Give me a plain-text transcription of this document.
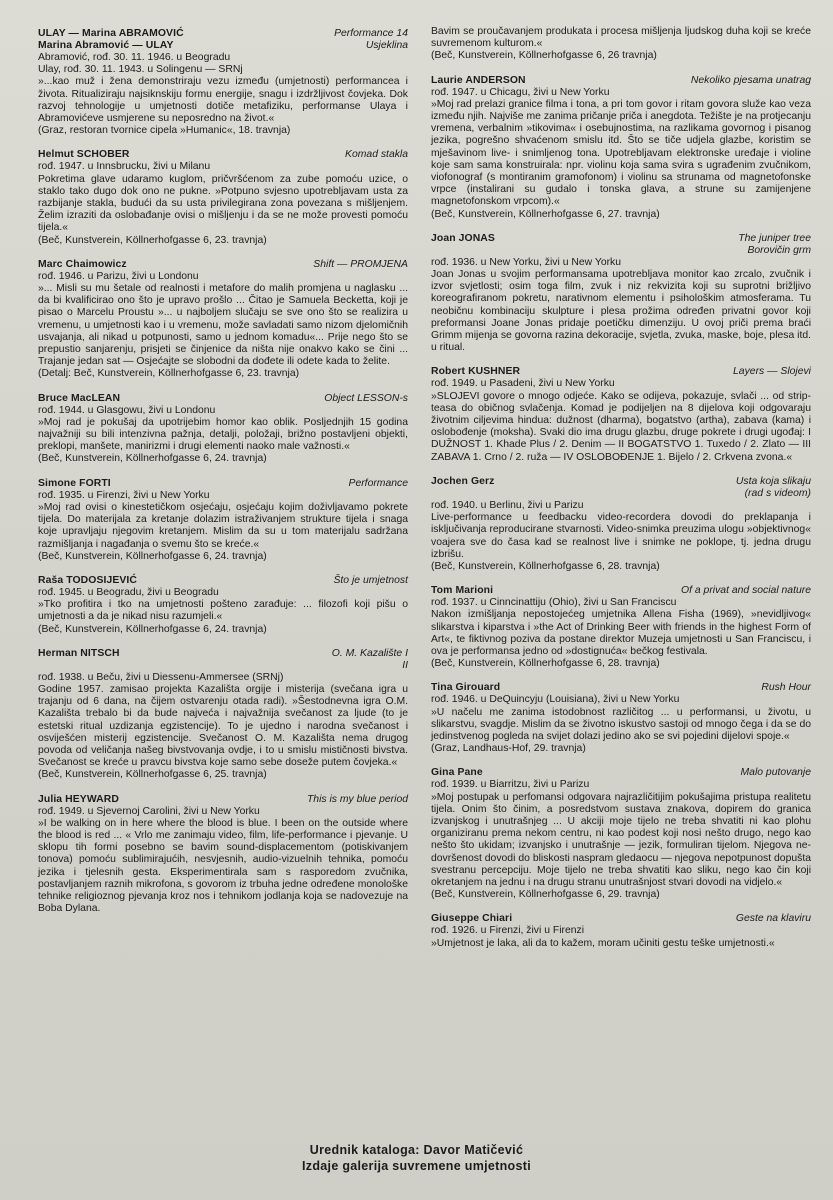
ULAY — Marina ABRAMOVIĆ	Performance 14
Marina Abramović — ULAY	Usjeklina
Abramović, rođ. 30. 11. 1946. u Beogradu
Ulay, rođ. 30. 11. 1943. u Solingenu — SRNj

»...kao muž i žena demonstriraju vezu između (umjetnosti) performancea i života. Ritualiziraju najsiknskiju formu energije, snagu i izdržljivost čovjeka. Dok razvoj tehnologije u umjetnosti dotiče metafiziku, performanse Ulaya i Abramovićeve usmjerene su neposredno na život.«

(Graz, restoran tvornice cipela »Humanic«, 18. travnja)

Helmut SCHOBER	Komad stakla
rođ. 1947. u Innsbrucku, živi u Milanu

Pokretima glave udaramo kuglom, pričvršćenom za zube pomoću uzice, o staklo tako dugo dok ono ne pukne. »Potpuno svjesno upotrebljavam usta za razbijanje stakla, budući da su usta privilegirana zona povezana s mišljenjem. Želim izraziti da oslobađanje ovisi o mišljenju i da se ne može provesti pomoću tijela.«

(Beč, Kunstverein, Köllnerhofgasse 6, 23. travnja)

Marc Chaimowicz	Shift — PROMJENA
rođ. 1946. u Parizu, živi u Londonu

»... Misli su mu šetale od realnosti i metafore do malih promjena u naglasku ... da bi kvalificirao ono što je upravo prošlo ... Čitao je Samuela Becketta, koji je pisao o Marcelu Proustu »... u najboljem slučaju se sve ono što se realizira u vremenu, u umjetnosti kao i u vremenu, može savladati samo nizom djelomičnih usvajanja, ali nikad u potpunosti, samo u jednom komadu«... Prije nego što se prepustio sanjarenju, prisjeti se činjenice da ništa nije onakvo kako se čini ... Trajanje jedan sat — Osjećajte se slobodni da dođete ili odete kada to želite.

(Detalj: Beč, Kunstverein, Köllnerhofgasse 6, 23. travnja)

Bruce MacLEAN	Object LESSON-s
rođ. 1944. u Glasgowu, živi u Londonu

»Moj rad je pokušaj da upotrijebim homor kao oblik. Posljednjih 15 godina najvažniji su bili intenzivna pažnja, detalji, položaji, brižno postavljeni objekti, preklopi, manšete, manirizmi i drugi elementi naoko male važnosti.«

(Beč, Kunstverein, Köllnerhofgasse 6, 24. travnja)

Simone FORTI	Performance
rođ. 1935. u Firenzi, živi u New Yorku

»Moj rad ovisi o kinestetičkom osjećaju, osjećaju kojim doživljavamo pokrete tijela. Do materijala za kretanje dolazim istraživanjem strukture tijela i snaga koje upravljaju njegovim kretanjem. Mislim da su u tom materijalu sadržana razmišljanja i nagađanja o svemu što se kreće.«

(Beč, Kunstverein, Köllnerhofgasse 6, 24. travnja)

Raša TODOSIJEVIĆ	Što je umjetnost
rođ. 1945. u Beogradu, živi u Beogradu

»Tko profitira i tko na umjetnosti pošteno zarađuje: ... filozofi koji pišu o umjetnosti a da je nikad nisu razumjeli.«

(Beč, Kunstverein, Köllnerhofgasse 6, 24. travnja)

Herman NITSCH	O. M. Kazalište I
II
rođ. 1938. u Beču, živi u Diessenu-Ammersee (SRNj)

Godine 1957. zamisao projekta Kazališta orgije i misterija (svečana igra u trajanju od 6 dana, na čijem ostvarenju otada radi). »Šestodnevna igra O.M. Kazališta trebalo bi da bude najveća i najvažnija svečanost za ljude (to je estetski ritual uzdizanja egzistencije). To je ujedno i narodna svečanost i osviješćen misterij egzistencije. Svečanost O. M. Kazališta nema drugog povoda od veličanja našeg bivstvovanja ovdje, i to u smislu mističnosti bivstva. Svečanost se kreće u pravcu bivstva koje samo sebe doseže putem čovjeka.«

(Beč, Kunstverein, Köllnerhofgasse 6, 25. travnja)

Julia HEYWARD	This is my blue period
rođ. 1949. u Sjevernoj Carolini, živi u New Yorku

»I be walking on in here where the blood is blue. I been on the outside where the blood is red ... « Vrlo me zanimaju video, film, life-performance i pjevanje. U sklopu tih formi posebno se bavim sound-displacementom (potiskivanjem tonova) pomoću sublimirajućih, nesvjesnih, audio-vizuelnih tehnika, pomoću jezika i tjelesnih gesta. Eksperimentirala sam s rasporedom zvučnika, postavljanjem raznih mikrofona, s govorom iz trbuha jedne određene monološke tehnike religioznog pjevanja kroz nos i tehnikom jodlanja koja se nadovezuje na Boba Dylana.

Bavim se proučavanjem produkata i procesa mišljenja ljudskog duha koji se kreće suvremenom kulturom.«

(Beč, Kunstverein, Köllnerhofgasse 6, 26 travnja)

Laurie ANDERSON	Nekoliko pjesama unatrag
rođ. 1947. u Chicagu, živi u New Yorku

»Moj rad prelazi granice filma i tona, a pri tom govor i ritam govora služe kao veza između njih. Najviše me zanima pričanje priča i anegdota. Težište je na protjecanju vremena, verbalnim »tikovima« i osebujnostima, na razlikama govornog i pisanog jezika, pogrešno shvaćenom smislu itd. Što se tiče udjela glazbe, koristim se mješavinom live- i snimljenog tona. Upotrebljavam elektronske uređaje i violine koje sam sama konstruirala: npr. violinu koja sama svira s ugrađenim zvučnikom, viofonograf (s montiranim gramofonom) i violinu sa strunama od magnetofonske vrpce (instalirani su gudalo i tonska glava, a strune su zamijenjene magnetofonskom vrpcom).«

(Beč, Kunstverein, Köllnerhofgasse 6, 27. travnja)

Joan JONAS	The juniper tree
Borovičin grm
rođ. 1936. u New Yorku, živi u New Yorku

Joan Jonas u svojim performansama upotrebljava monitor kao zrcalo, zvučnik i izvor svjetlosti; osim toga film, zvuk i niz rekvizita koji su suprotni brižljivo koreografiranom pokretu, narativnom elementu i psihološkim atmosferama. Tu neobičnu kombinaciju skulpture i plesa prožima određen privatni govor koji preformansi Joane Jonas pridaje poetičku dimenziju. U ovoj priči prema braći Grimm mijenja se govorna razina dekoracije, svjetla, zvuka, maske, boje, plesa itd. u ritual.

Robert KUSHNER	Layers — Slojevi
rođ. 1949. u Pasadeni, živi u New Yorku

»SLOJEVI govore o mnogo odjeće. Kako se odijeva, pokazuje, svlači ... od strip-teasa do običnog svlačenja. Komad je podijeljen na 8 dijelova koji odgovaraju životnim ciljevima hindua: dužnost (dharma), bogatstvo (artha), zabava (kama) i oslobođenje (moksha). Svaki dio ima drugu glazbu, druge pokrete i drugi ugođaj: I DUŽNOST 1. Khade Plus / 2. Denim — II BOGATSTVO 1. Tuxedo / 2. Zlato — III ZABAVA 1. Crno / 2. ruža — IV OSLOBOĐENJE 1. Bijelo / 2. Crkvena zvona.«

Jochen Gerz	Usta koja slikaju
(rad s videom)
rođ. 1940. u Berlinu, živi u Parizu

Live-performance u feedbacku video-recordera dovodi do preklapanja i isključivanja reproducirane stvarnosti. Video-snimka preuzima ulogu »objektivnog« voajera sve do časa kad se realnost live i snimke ne poklope, tj. jedna drugu izbrišu.

(Beč, Kunstverein, Köllnerhofgasse 6, 28. travnja)

Tom Marioni	Of a privat and social nature
rođ. 1937. u Cinncinattiju (Ohio), živi u San Franciscu

Nakon izmišljanja nepostojećeg umjetnika Allena Fisha (1969), »nevidljivog« slikarstva i kiparstva i »the Act of Drinking Beer with friends in the highest Form of Art«, te fiktivnog poziva da postane direktor Muzeja umjetnosti u San Franciscu, i ova je performansa jedno od »dostignuća« bečkog festivala.

(Beč, Kunstverein, Köllnerhofgasse 6, 28. travnja)

Tina Girouard	Rush Hour
rođ. 1946. u DeQuincyju (Louisiana), živi u New Yorku

»U načelu me zanima istodobnost različitog ... u performansi, u životu, u slikarstvu, svagdje. Mislim da se životno iskustvo sastoji od mnogo čega i da se do jedinstvenog pogleda na svijet dolazi jedino ako se svi pojedini dijelovi spoje.«

(Graz, Landhaus-Hof, 29. travnja)

Gina Pane	Malo putovanje
rođ. 1939. u Biarritzu, živi u Parizu

»Moj postupak u perfomansi odgovara najrazličitijim pokušajima pristupa realitetu tijela. Onim što činim, a posredstvom sustava znakova, dopirem do granica izvanjskog i unutrašnjeg ... U akciji moje tijelo ne treba shvatiti ni kao plohu organiziranu prema nekom centru, ni kao podest koji nosi nešto drugo, nego kao nešto što ukidam; izvanjsko i unutrašnje — jezik, formuliran tijelom. Njegova ne-dovršenost dovodi do bliskosti naspram gledaocu — njegova nepotpunost dopušta svestranu percepciju. Moje tijelo ne treba shvatiti kao sliku, nego kao čin koji okretanjem na jednu i na drugu stranu unutrašnjost stvari dovodi na vidjelo.«

(Beč, Kunstverein, Köllnerhofgasse 6, 29. travnja)

Giuseppe Chiari	Geste na klaviru
rođ. 1926. u Firenzi, živi u Firenzi

»Umjetnost je laka, ali da to kažem, moram učiniti gestu teške umjetnosti.«

Urednik kataloga: Davor Matičević
Izdaje galerija suvremene umjetnosti
